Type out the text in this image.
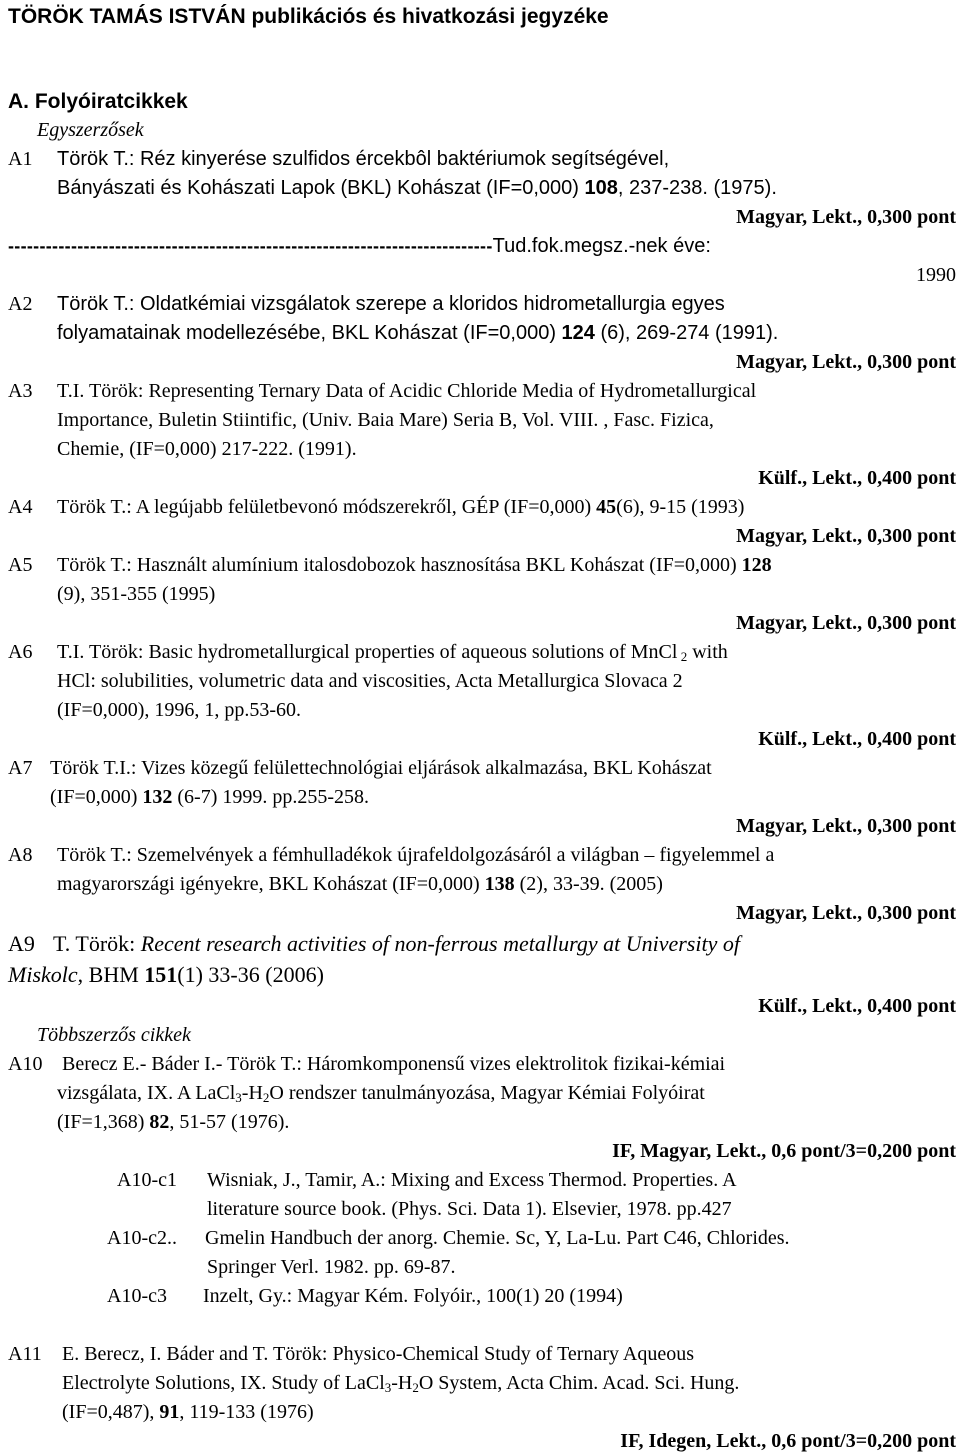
TÖRÖK TAMÁS ISTVÁN publikációs és hivatkozási jegyzéke
A. Folyóiratcikkek
Egyszerzősek
A1 Török T.: Réz kinyerése szulfidos ércekbôl baktériumok segítségével,
Bányászati és Kohászati Lapok (BKL) Kohászat (IF=0,000) 108, 237-238. (1975).
Magyar, Lekt., 0,300 pont
-----------------------------------------------------------------------------Tud.fok.megsz.-nek éve:
1990
A2 Török T.: Oldatkémiai vizsgálatok szerepe a kloridos hidrometallurgia egyes
folyamatainak modellezésébe, BKL Kohászat (IF=0,000) 124 (6), 269-274 (1991).
Magyar, Lekt., 0,300 pont
A3 T.I. Török: Representing Ternary Data of Acidic Chloride Media of Hydrometallurgical
Importance, Buletin Stiintific, (Univ. Baia Mare) Seria B, Vol. VIII. , Fasc. Fizica,
Chemie, (IF=0,000) 217-222. (1991).
Külf., Lekt., 0,400 pont
A4 Török T.: A legújabb felületbevonó módszerekről, GÉP (IF=0,000) 45(6), 9-15 (1993)
Magyar, Lekt., 0,300 pont
A5 Török T.: Használt alumínium italosdobozok hasznosítása BKL Kohászat (IF=0,000) 128
(9), 351-355 (1995)
Magyar, Lekt., 0,300 pont
A6 T.I. Török: Basic hydrometallurgical properties of aqueous solutions of MnCl $_2$ with
HCl: solubilities, volumetric data and viscosities, Acta Metallurgica Slovaca 2
(IF=0,000), 1996, 1, pp.53-60.
Külf., Lekt., 0,400 pont
A7 Török T.I.: Vizes közegű felülettechnológiai eljárások alkalmazása, BKL Kohászat
(IF=0,000) 132 (6-7) 1999. pp.255-258.
Magyar, Lekt., 0,300 pont
A8 Török T.: Szemelvények a fémhulladékok újrafeldolgozásáról a világban – figyelemmel a
magyarországi igényekre, BKL Kohászat (IF=0,000) 138 (2), 33-39. (2005)
Magyar, Lekt., 0,300 pont
A9 T. Török: Recent research activities of non-ferrous metallurgy at University of
Miskolc, BHM 151(1) 33-36 (2006)
Külf., Lekt., 0,400 pont
Többszerzős cikkek
A10 Berecz E.- Báder I.- Török T.: Háromkomponensű vizes elektrolitok fizikai-kémiai
vizsgálata, IX. A $LaCl_3-H_2O$ rendszer tanulmányozása, Magyar Kémiai Folyóirat
(IF=1,368) 82, 51-57 (1976).
IF, Magyar, Lekt., 0,6 pont/3=0,200 pont
A10-c1 Wisniak, J., Tamir, A.: Mixing and Excess Thermod. Properties. A
literature source book. (Phys. Sci. Data 1). Elsevier, 1978. pp.427
A10-c2.. Gmelin Handbuch der anorg. Chemie. Sc, Y, La-Lu. Part C46, Chlorides.
Springer Verl. 1982. pp. 69-87.
A10-c3 Inzelt, Gy.: Magyar Kém. Folyóir., 100(1) 20 (1994)
A11 E. Berecz, I. Báder and T. Török: Physico-Chemical Study of Ternary Aqueous
Electrolyte Solutions, IX. Study of $LaCl_3-H_2O$ System, Acta Chim. Acad. Sci. Hung.
(IF=0,487), 91, 119-133 (1976)
IF, Idegen, Lekt., 0,6 pont/3=0,200 pont
